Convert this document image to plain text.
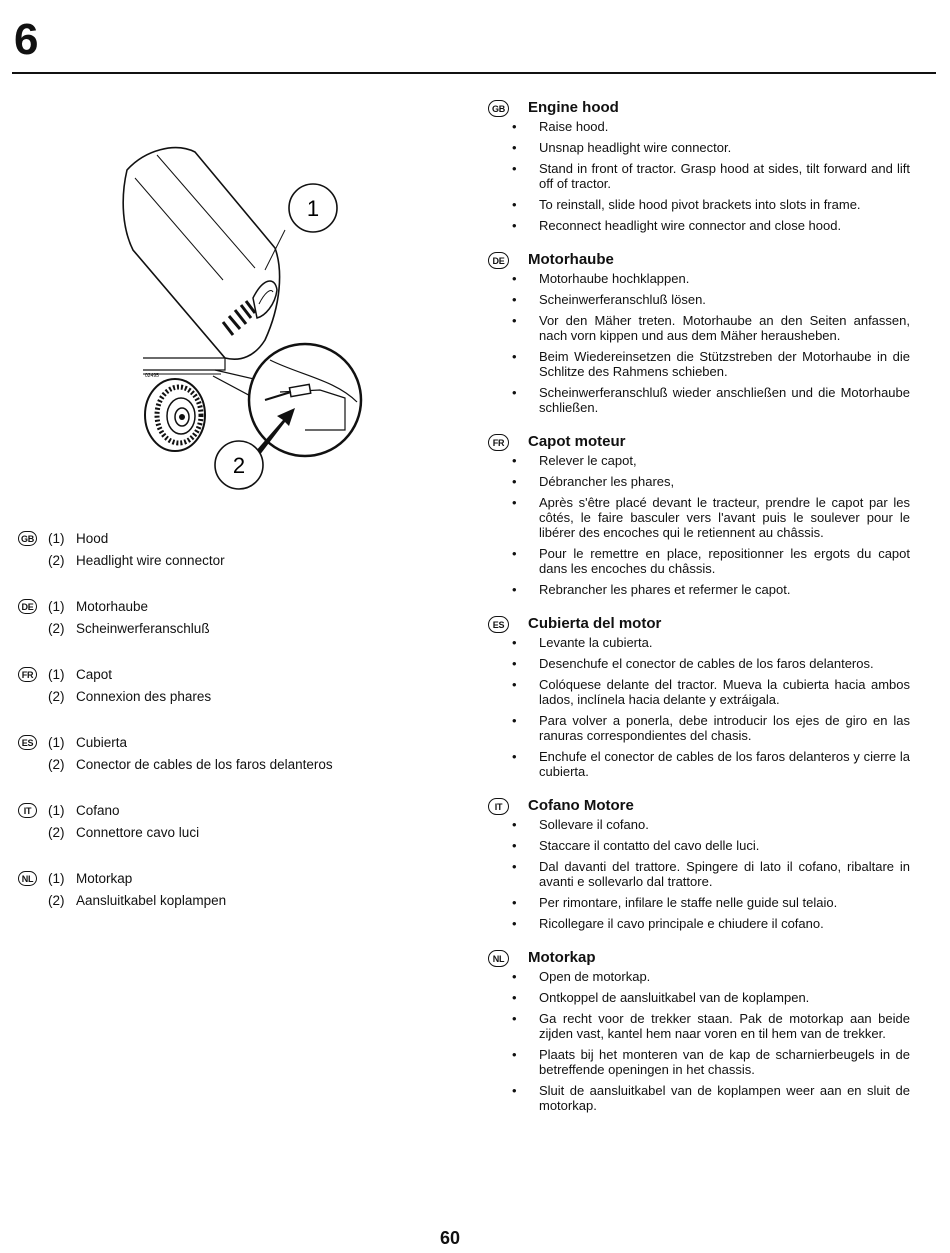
6
02495
1
2
GB	(1) Hood
(2) Headlight wire connector
DE	(1) Motorhaube
(2) Scheinwerferanschluß
FR	(1) Capot
(2) Connexion des phares
ES	(1) Cubierta
(2) Conector de cables de los faros delanteros
IT	(1) Cofano
(2) Connettore cavo luci
NL	(1) Motorkap
(2) Aansluitkabel koplampen
GB Engine hood
• Raise hood.
• Unsnap headlight wire connector.
• Stand in front of tractor. Grasp hood at sides, tilt forward and lift off of tractor.
• To reinstall, slide hood pivot brackets into slots in frame.
• Reconnect headlight wire connector and close hood.
DE	Motorhaube
• Motorhaube hochklappen.
• Scheinwerferanschluß lösen.
• Vor den Mäher treten. Motorhaube an den Seiten anfassen, nach vorn kippen und aus dem Mäher herausheben.
• Beim Wiedereinsetzen die Stützstreben der Motorhaube in die Schlitze des Rahmens schieben.
• Scheinwerferanschluß wieder anschließen und die Motorhaube schließen.
FR	Capot moteur
• Relever le capot,
• Débrancher les phares,
• Après s'être placé devant le tracteur, prendre le capot par les côtés, le faire basculer vers l'avant puis le soulever pour le libérer des encoches qui le retiennent au châssis.
• Pour le remettre en place, repositionner les ergots du capot dans les encoches du châssis.
• Rebrancher les phares et refermer le capot.
ES	Cubierta del motor
• Levante la cubierta.
• Desenchufe el conector de cables de los faros delanteros.
• Colóquese delante del tractor. Mueva la cubierta hacia ambos lados, inclínela hacia delante y extráigala.
• Para volver a ponerla, debe introducir los ejes de giro en las ranuras correspondientes del chasis.
• Enchufe el conector de cables de los faros delanteros y cierre la cubierta.
IT	Cofano Motore
• Sollevare il cofano.
• Staccare il contatto del cavo delle luci.
• Dal davanti del trattore. Spingere di lato il cofano, ribaltare in avanti e sollevarlo dal trattore.
• Per rimontare, infilare le staffe nelle guide sul telaio.
• Ricollegare il cavo principale e chiudere il cofano.
NL	Motorkap
• Open de motorkap.
• Ontkoppel de aansluitkabel van de koplampen.
• Ga recht voor de trekker staan. Pak de motorkap aan beide zijden vast, kantel hem naar voren en til hem van de trekker.
• Plaats bij het monteren van de kap de scharnierbeugels in de betreffende openingen in het chassis.
• Sluit de aansluitkabel van de koplampen weer aan en sluit de motorkap.
60
